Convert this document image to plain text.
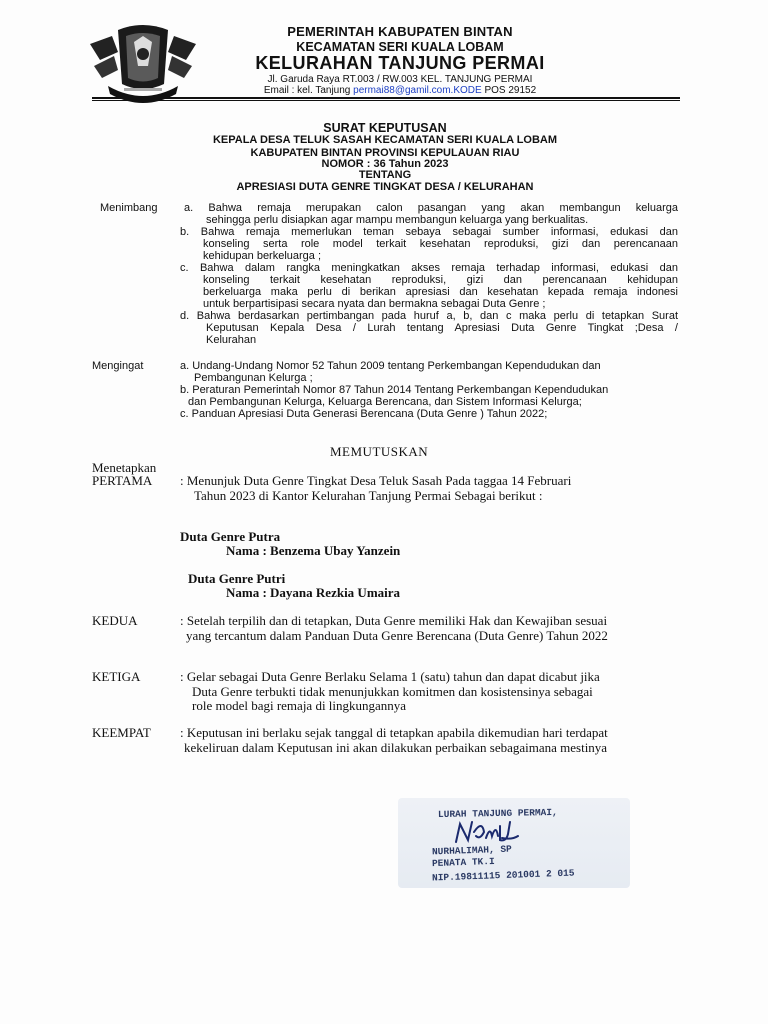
PEMERINTAH KABUPATEN BINTAN
KECAMATAN SERI KUALA LOBAM
KELURAHAN TANJUNG PERMAI
Jl. Garuda Raya RT.003 / RW.003 KEL. TANJUNG PERMAI
Email : kel. Tanjung permai88@gamil.com.KODE POS 29152
SURAT KEPUTUSAN
KEPALA DESA TELUK SASAH KECAMATAN SERI KUALA LOBAM
KABUPATEN BINTAN PROVINSI KEPULAUAN RIAU
NOMOR : 36 Tahun 2023
TENTANG
APRESIASI DUTA GENRE TINGKAT DESA / KELURAHAN
Menimbang a. Bahwa remaja merupakan calon pasangan yang akan membangun keluarga
sehingga perlu disiapkan agar mampu membangun keluarga yang berkualitas.
b. Bahwa remaja memerlukan teman sebaya sebagai sumber informasi, edukasi dan
konseling serta role model terkait kesehatan reproduksi, gizi dan perencanaan
kehidupan berkeluarga ;
c. Bahwa dalam rangka meningkatkan akses remaja terhadap informasi, edukasi dan
konseling terkait kesehatan reproduksi, gizi dan perencanaan kehidupan
berkeluarga maka perlu di berikan apresiasi dan kesehatan kepada remaja indonesi
untuk berpartisipasi secara nyata dan bermakna sebagai Duta Genre ;
d. Bahwa berdasarkan pertimbangan pada huruf a, b, dan c maka perlu di tetapkan Surat
Keputusan Kepala Desa / Lurah tentang Apresiasi Duta Genre Tingkat ;Desa /
Kelurahan
Mengingat	a. Undang-Undang Nomor 52 Tahun 2009 tentang Perkembangan Kependudukan dan
Pembangunan Kelurga ;
b. Peraturan Pemerintah Nomor 87 Tahun 2014 Tentang Perkembangan Kependudukan
dan Pembangunan Kelurga, Keluarga Berencana, dan Sistem Informasi Kelurga;
c. Panduan Apresiasi Duta Generasi Berencana (Duta Genre ) Tahun 2022;
MEMUTUSKAN
Menetapkan
PERTAMA : Menunjuk Duta Genre Tingkat Desa Teluk Sasah Pada taggaa 14 Februari
Tahun 2023 di Kantor Kelurahan Tanjung Permai Sebagai berikut :
Duta Genre Putra
Nama : Benzema Ubay Yanzein
Duta Genre Putri
Nama : Dayana Rezkia Umaira
KEDUA	: Setelah terpilih dan di tetapkan, Duta Genre memiliki Hak dan Kewajiban sesuai
yang tercantum dalam Panduan Duta Genre Berencana (Duta Genre) Tahun 2022
KETIGA	: Gelar sebagai Duta Genre Berlaku Selama 1 (satu) tahun dan dapat dicabut jika
Duta Genre terbukti tidak menunjukkan komitmen dan kosistensinya sebagai
role model bagi remaja di lingkungannya
KEEMPAT : Keputusan ini berlaku sejak tanggal di tetapkan apabila dikemudian hari terdapat
kekeliruan dalam Keputusan ini akan dilakukan perbaikan sebagaimana mestinya
LURAH TANJUNG PERMAI,
NURHALIMAH, SP
PENATA TK.I
NIP.19811115 201001 2 015
